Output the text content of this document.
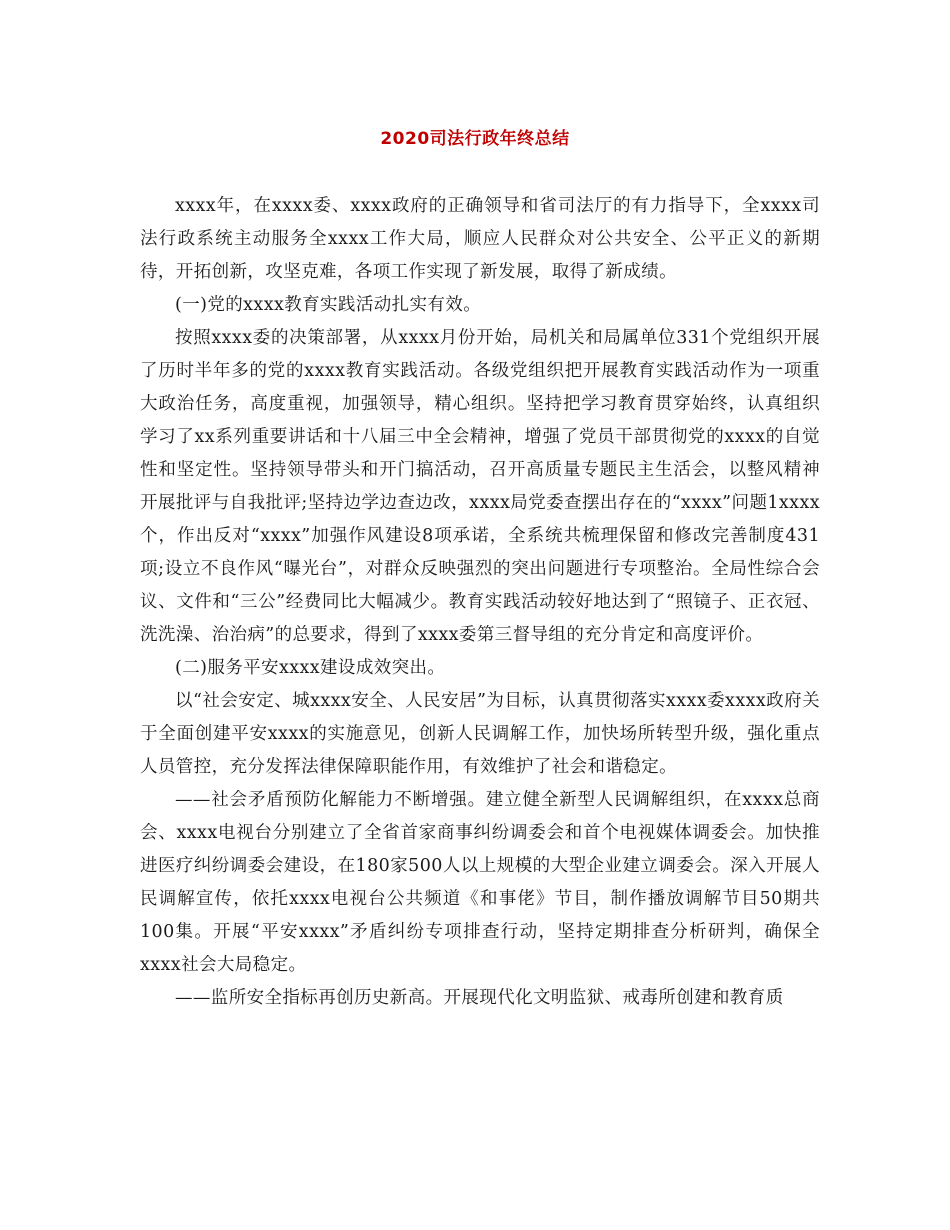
2020司法行政年终总结

xxxx年，在xxxx委、xxxx政府的正确领导和省司法厅的有力指导下，全xxxx司法行政系统主动服务全xxxx工作大局，顺应人民群众对公共安全、公平正义的新期待，开拓创新，攻坚克难，各项工作实现了新发展，取得了新成绩。

(一)党的xxxx教育实践活动扎实有效。

按照xxxx委的决策部署，从xxxx月份开始，局机关和局属单位331个党组织开展了历时半年多的党的xxxx教育实践活动。各级党组织把开展教育实践活动作为一项重大政治任务，高度重视，加强领导，精心组织。坚持把学习教育贯穿始终，认真组织学习了xx系列重要讲话和十八届三中全会精神，增强了党员干部贯彻党的xxxx的自觉性和坚定性。坚持领导带头和开门搞活动，召开高质量专题民主生活会，以整风精神开展批评与自我批评;坚持边学边查边改，xxxx局党委查摆出存在的“xxxx”问题1xxxx个，作出反对“xxxx”加强作风建设8项承诺，全系统共梳理保留和修改完善制度431项;设立不良作风“曝光台”，对群众反映强烈的突出问题进行专项整治。全局性综合会议、文件和“三公”经费同比大幅减少。教育实践活动较好地达到了“照镜子、正衣冠、洗洗澡、治治病”的总要求，得到了xxxx委第三督导组的充分肯定和高度评价。

(二)服务平安xxxx建设成效突出。

以“社会安定、城xxxx安全、人民安居”为目标，认真贯彻落实xxxx委xxxx政府关于全面创建平安xxxx的实施意见，创新人民调解工作，加快场所转型升级，强化重点人员管控，充分发挥法律保障职能作用，有效维护了社会和谐稳定。

——社会矛盾预防化解能力不断增强。建立健全新型人民调解组织，在xxxx总商会、xxxx电视台分别建立了全省首家商事纠纷调委会和首个电视媒体调委会。加快推进医疗纠纷调委会建设，在180家500人以上规模的大型企业建立调委会。深入开展人民调解宣传，依托xxxx电视台公共频道《和事佬》节目，制作播放调解节目50期共100集。开展“平安xxxx”矛盾纠纷专项排查行动，坚持定期排查分析研判，确保全xxxx社会大局稳定。

——监所安全指标再创历史新高。开展现代化文明监狱、戒毒所创建和教育质
